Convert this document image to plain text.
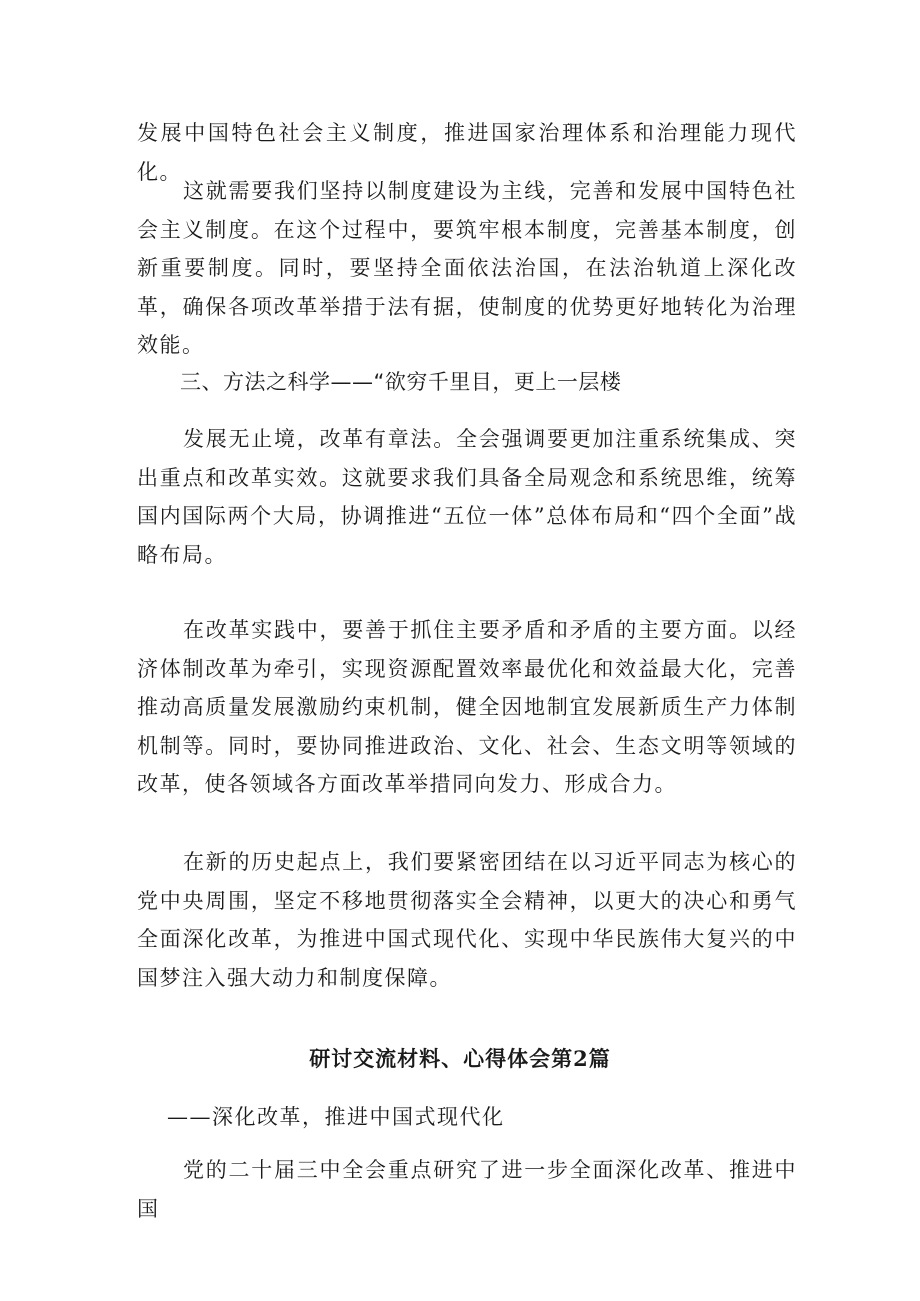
发展中国特色社会主义制度，推进国家治理体系和治理能力现代化。

这就需要我们坚持以制度建设为主线，完善和发展中国特色社会主义制度。在这个过程中，要筑牢根本制度，完善基本制度，创新重要制度。同时，要坚持全面依法治国，在法治轨道上深化改革，确保各项改革举措于法有据，使制度的优势更好地转化为治理效能。

三、方法之科学——“欲穷千里目，更上一层楼

发展无止境，改革有章法。全会强调要更加注重系统集成、突出重点和改革实效。这就要求我们具备全局观念和系统思维，统筹国内国际两个大局，协调推进“五位一体”总体布局和“四个全面”战略布局。

在改革实践中，要善于抓住主要矛盾和矛盾的主要方面。以经济体制改革为牵引，实现资源配置效率最优化和效益最大化，完善推动高质量发展激励约束机制，健全因地制宜发展新质生产力体制机制等。同时，要协同推进政治、文化、社会、生态文明等领域的改革，使各领域各方面改革举措同向发力、形成合力。

在新的历史起点上，我们要紧密团结在以习近平同志为核心的党中央周围，坚定不移地贯彻落实全会精神，以更大的决心和勇气全面深化改革，为推进中国式现代化、实现中华民族伟大复兴的中国梦注入强大动力和制度保障。

研讨交流材料、心得体会第2篇

——深化改革，推进中国式现代化

党的二十届三中全会重点研究了进一步全面深化改革、推进中国
